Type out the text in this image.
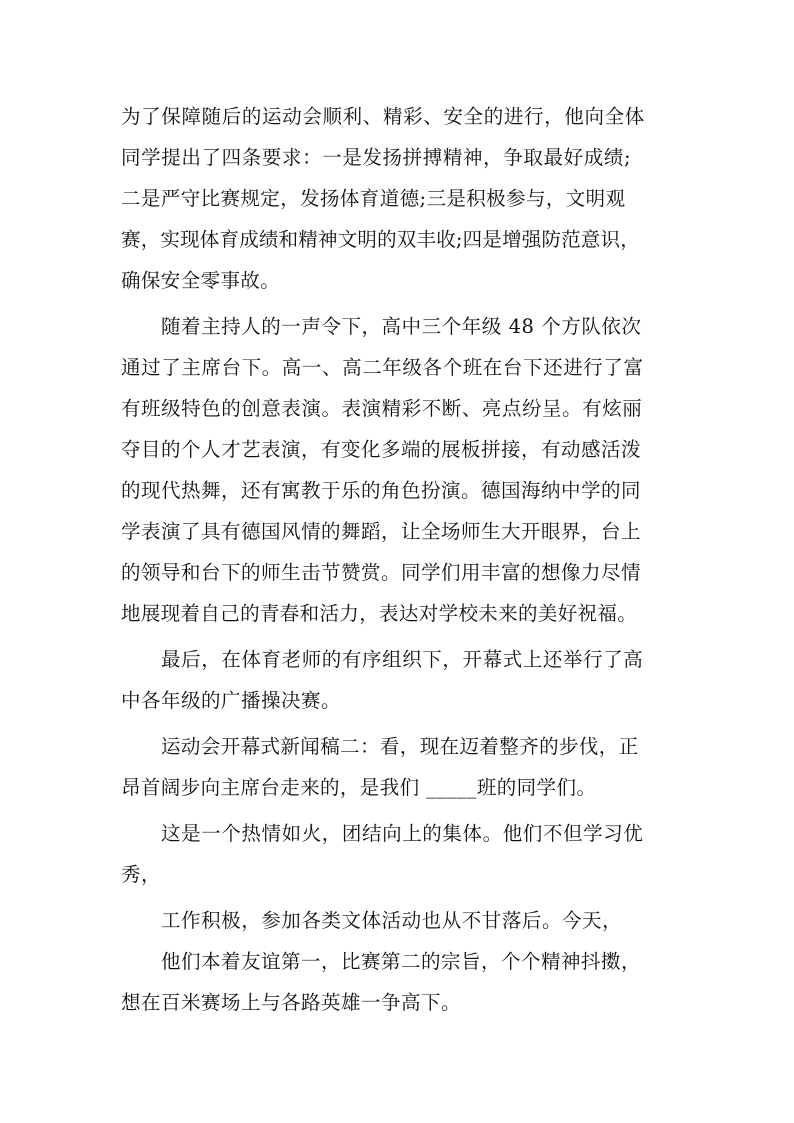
为了保障随后的运动会顺利、精彩、安全的进行，他向全体
同学提出了四条要求：一是发扬拼搏精神，争取最好成绩;
二是严守比赛规定，发扬体育道德;三是积极参与，文明观
赛，实现体育成绩和精神文明的双丰收;四是增强防范意识，
确保安全零事故。
随着主持人的一声令下，高中三个年级 48 个方队依次
通过了主席台下。高一、高二年级各个班在台下还进行了富
有班级特色的创意表演。表演精彩不断、亮点纷呈。有炫丽
夺目的个人才艺表演，有变化多端的展板拼接，有动感活泼
的现代热舞，还有寓教于乐的角色扮演。德国海纳中学的同
学表演了具有德国风情的舞蹈，让全场师生大开眼界，台上
的领导和台下的师生击节赞赏。同学们用丰富的想像力尽情
地展现着自己的青春和活力，表达对学校未来的美好祝福。
最后，在体育老师的有序组织下，开幕式上还举行了高
中各年级的广播操决赛。
运动会开幕式新闻稿二：看，现在迈着整齐的步伐，正
昂首阔步向主席台走来的，是我们 _____班的同学们。
这是一个热情如火，团结向上的集体。他们不但学习优
秀，
工作积极，参加各类文体活动也从不甘落后。今天，
他们本着友谊第一，比赛第二的宗旨，个个精神抖擞，
想在百米赛场上与各路英雄一争高下。
